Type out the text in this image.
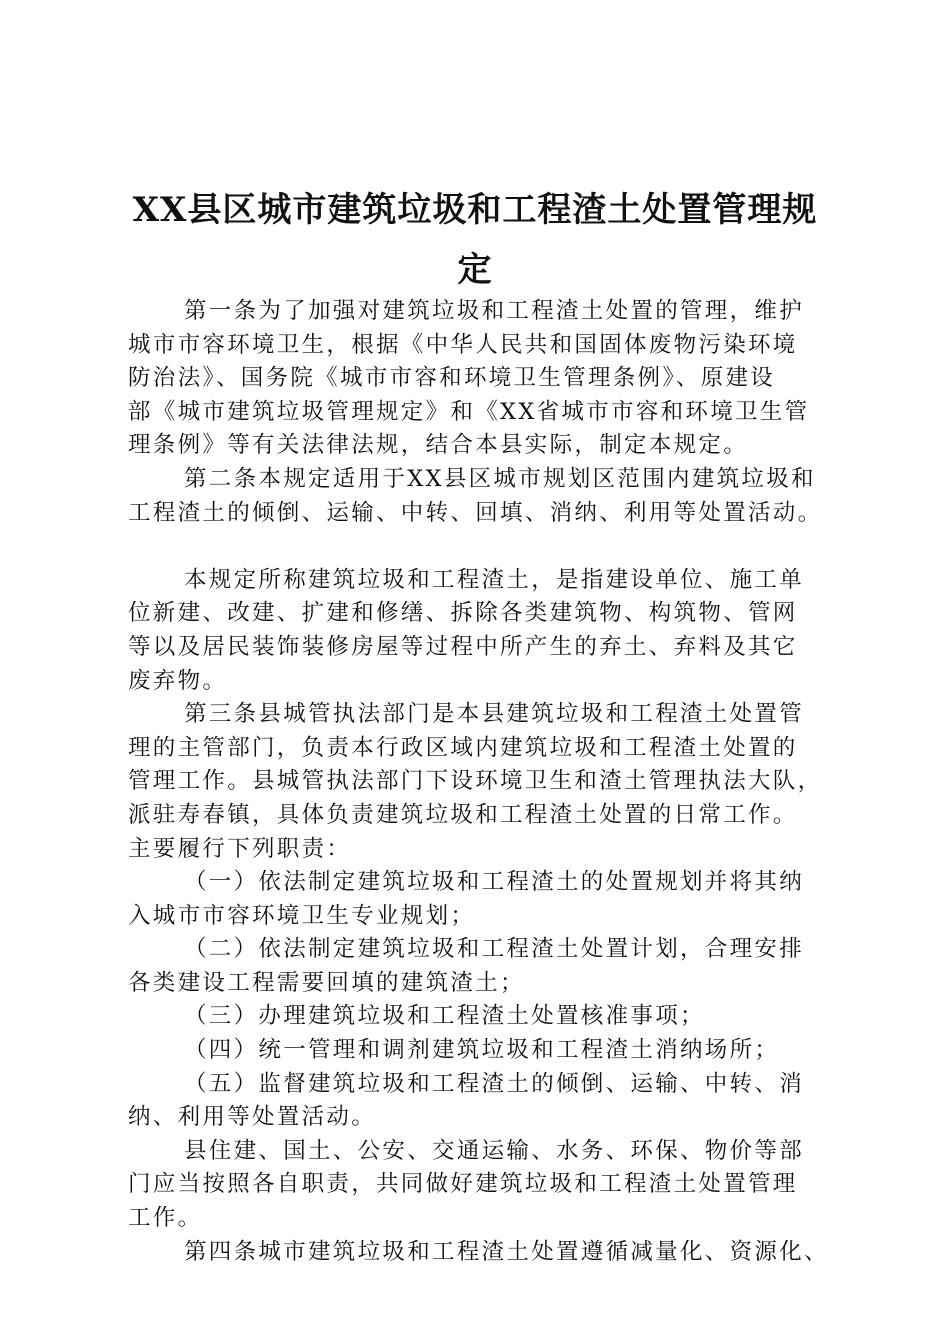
XX县区城市建筑垃圾和工程渣土处置管理规
定
第一条为了加强对建筑垃圾和工程渣土处置的管理，维护
城市市容环境卫生，根据《中华人民共和国固体废物污染环境
防治法》、国务院《城市市容和环境卫生管理条例》、原建设
部《城市建筑垃圾管理规定》和《XX省城市市容和环境卫生管
理条例》等有关法律法规，结合本县实际，制定本规定。
第二条本规定适用于XX县区城市规划区范围内建筑垃圾和
工程渣土的倾倒、运输、中转、回填、消纳、利用等处置活动。
本规定所称建筑垃圾和工程渣土，是指建设单位、施工单
位新建、改建、扩建和修缮、拆除各类建筑物、构筑物、管网
等以及居民装饰装修房屋等过程中所产生的弃土、弃料及其它
废弃物。
第三条县城管执法部门是本县建筑垃圾和工程渣土处置管
理的主管部门，负责本行政区域内建筑垃圾和工程渣土处置的
管理工作。县城管执法部门下设环境卫生和渣土管理执法大队，
派驻寿春镇，具体负责建筑垃圾和工程渣土处置的日常工作。
主要履行下列职责：
（一）依法制定建筑垃圾和工程渣土的处置规划并将其纳
入城市市容环境卫生专业规划；
（二）依法制定建筑垃圾和工程渣土处置计划，合理安排
各类建设工程需要回填的建筑渣土；
（三）办理建筑垃圾和工程渣土处置核准事项；
（四）统一管理和调剂建筑垃圾和工程渣土消纳场所；
（五）监督建筑垃圾和工程渣土的倾倒、运输、中转、消
纳、利用等处置活动。
县住建、国土、公安、交通运输、水务、环保、物价等部
门应当按照各自职责，共同做好建筑垃圾和工程渣土处置管理
工作。
第四条城市建筑垃圾和工程渣土处置遵循减量化、资源化、
